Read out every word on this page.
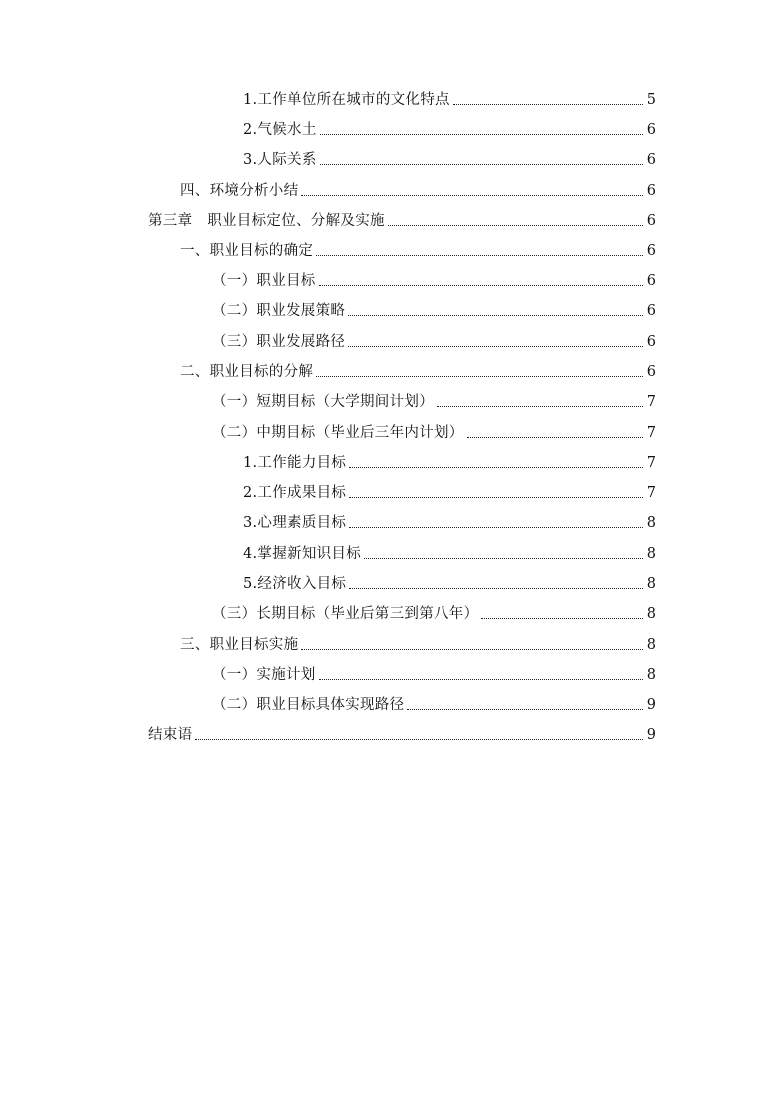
1.工作单位所在城市的文化特点	5
2.气候水土	6
3.人际关系	6
四、环境分析小结	6
第三章　职业目标定位、分解及实施	6
一、职业目标的确定	6
（一）职业目标	6
（二）职业发展策略	6
（三）职业发展路径	6
二、职业目标的分解	6
（一）短期目标（大学期间计划）	7
（二）中期目标（毕业后三年内计划）	7
1.工作能力目标	7
2.工作成果目标	7
3.心理素质目标	8
4.掌握新知识目标	8
5.经济收入目标	8
（三）长期目标（毕业后第三到第八年）	8
三、职业目标实施	8
（一）实施计划	8
（二）职业目标具体实现路径	9
结束语	9
